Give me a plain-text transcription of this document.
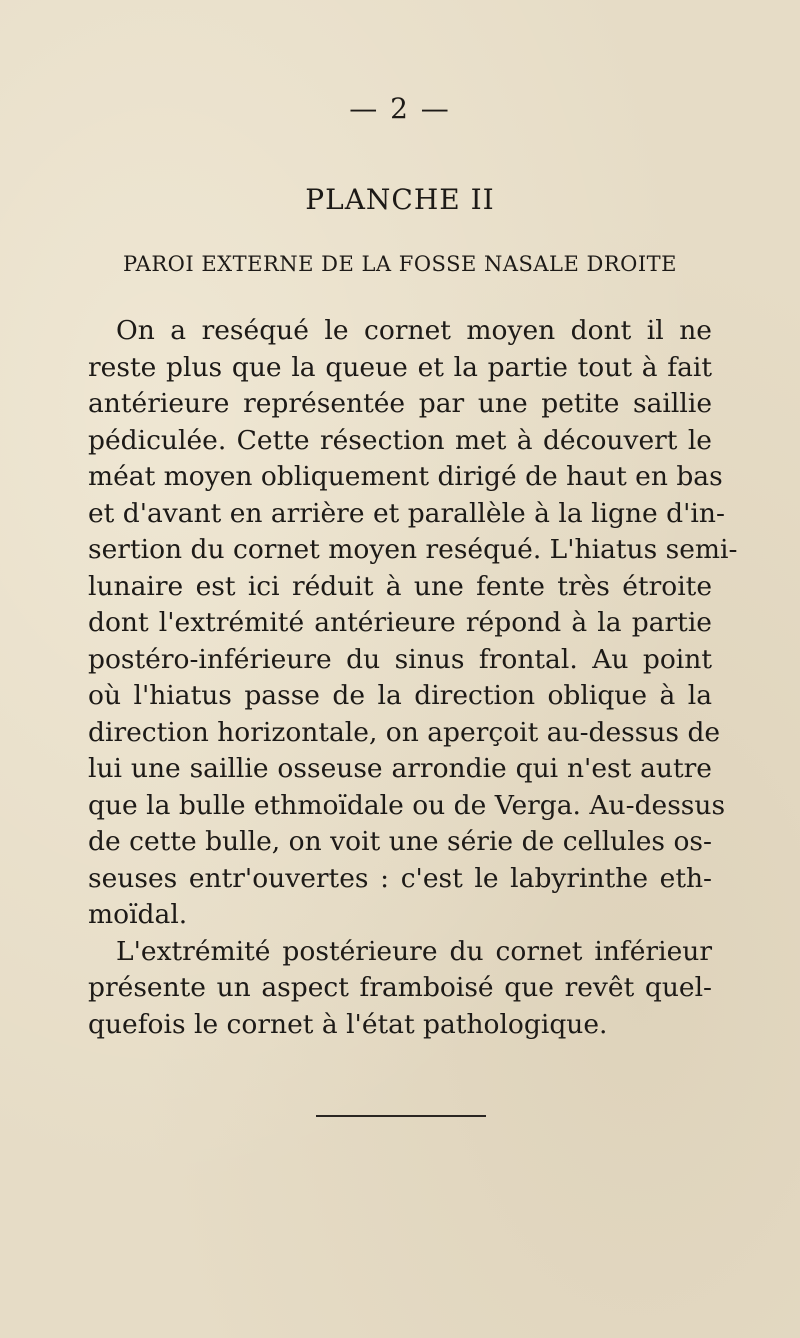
— 2 —
PLANCHE II
PAROI EXTERNE DE LA FOSSE NASALE DROITE
On a reséqué le cornet moyen dont il ne
reste plus que la queue et la partie tout à fait
antérieure représentée par une petite saillie
pédiculée. Cette résection met à découvert le
méat moyen obliquement dirigé de haut en bas
et d'avant en arrière et parallèle à la ligne d'in-
sertion du cornet moyen reséqué. L'hiatus semi-
lunaire est ici réduit à une fente très étroite
dont l'extrémité antérieure répond à la partie
postéro-inférieure du sinus frontal. Au point
où l'hiatus passe de la direction oblique à la
direction horizontale, on aperçoit au-dessus de
lui une saillie osseuse arrondie qui n'est autre
que la bulle ethmoïdale ou de Verga. Au-dessus
de cette bulle, on voit une série de cellules os-
seuses entr'ouvertes : c'est le labyrinthe eth-
moïdal.
L'extrémité postérieure du cornet inférieur
présente un aspect framboisé que revêt quel-
quefois le cornet à l'état pathologique.
